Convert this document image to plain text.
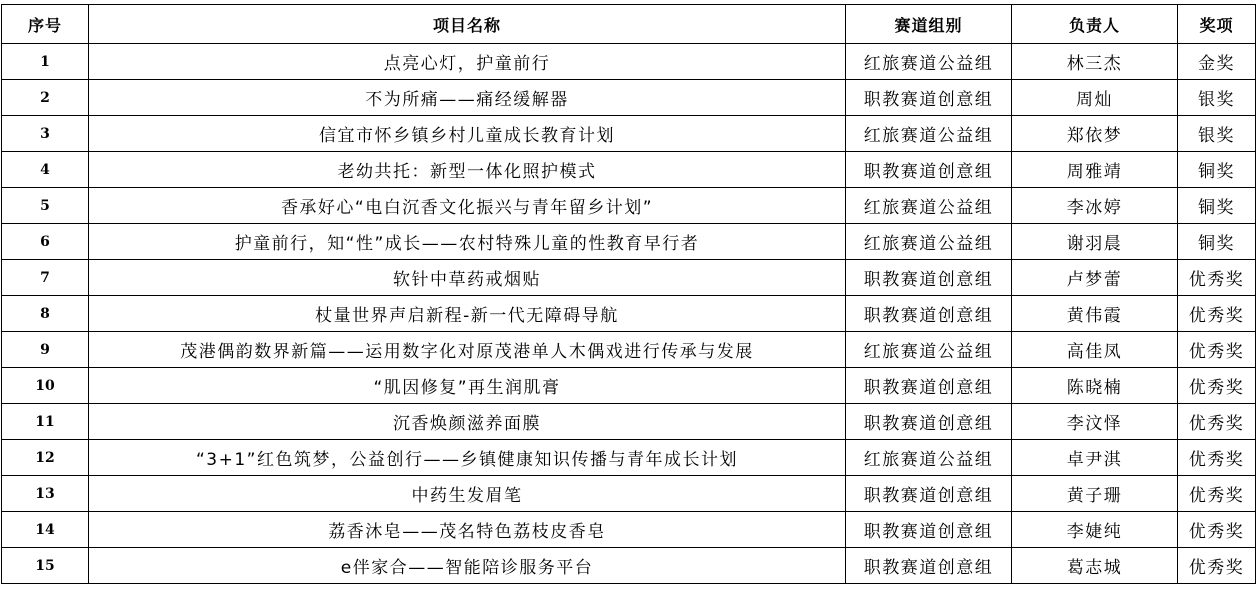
序号	项目名称	赛道组别	负责人	奖项
1	点亮心灯，护童前行	红旅赛道公益组	林三杰	金奖
2	不为所痛——痛经缓解器	职教赛道创意组	周灿	银奖
3	信宜市怀乡镇乡村儿童成长教育计划	红旅赛道公益组	郑依梦	银奖
4	老幼共托：新型一体化照护模式	职教赛道创意组	周雅靖	铜奖
5	香承好心“电白沉香文化振兴与青年留乡计划”	红旅赛道公益组	李冰婷	铜奖
6	护童前行，知“性”成长——农村特殊儿童的性教育早行者	红旅赛道公益组	谢羽晨	铜奖
7	软针中草药戒烟贴	职教赛道创意组	卢梦蕾	优秀奖
8	杖量世界声启新程-新一代无障碍导航	职教赛道创意组	黄伟霞	优秀奖
9	茂港偶韵数界新篇——运用数字化对原茂港单人木偶戏进行传承与发展	红旅赛道公益组	高佳凤	优秀奖
10	“肌因修复”再生润肌膏	职教赛道创意组	陈晓楠	优秀奖
11	沉香焕颜滋养面膜	职教赛道创意组	李汶怿	优秀奖
12	“3+1”红色筑梦，公益创行——乡镇健康知识传播与青年成长计划	红旅赛道公益组	卓尹淇	优秀奖
13	中药生发眉笔	职教赛道创意组	黄子珊	优秀奖
14	荔香沐皂——茂名特色荔枝皮香皂	职教赛道创意组	李婕纯	优秀奖
15	e伴家合——智能陪诊服务平台	职教赛道创意组	葛志城	优秀奖
